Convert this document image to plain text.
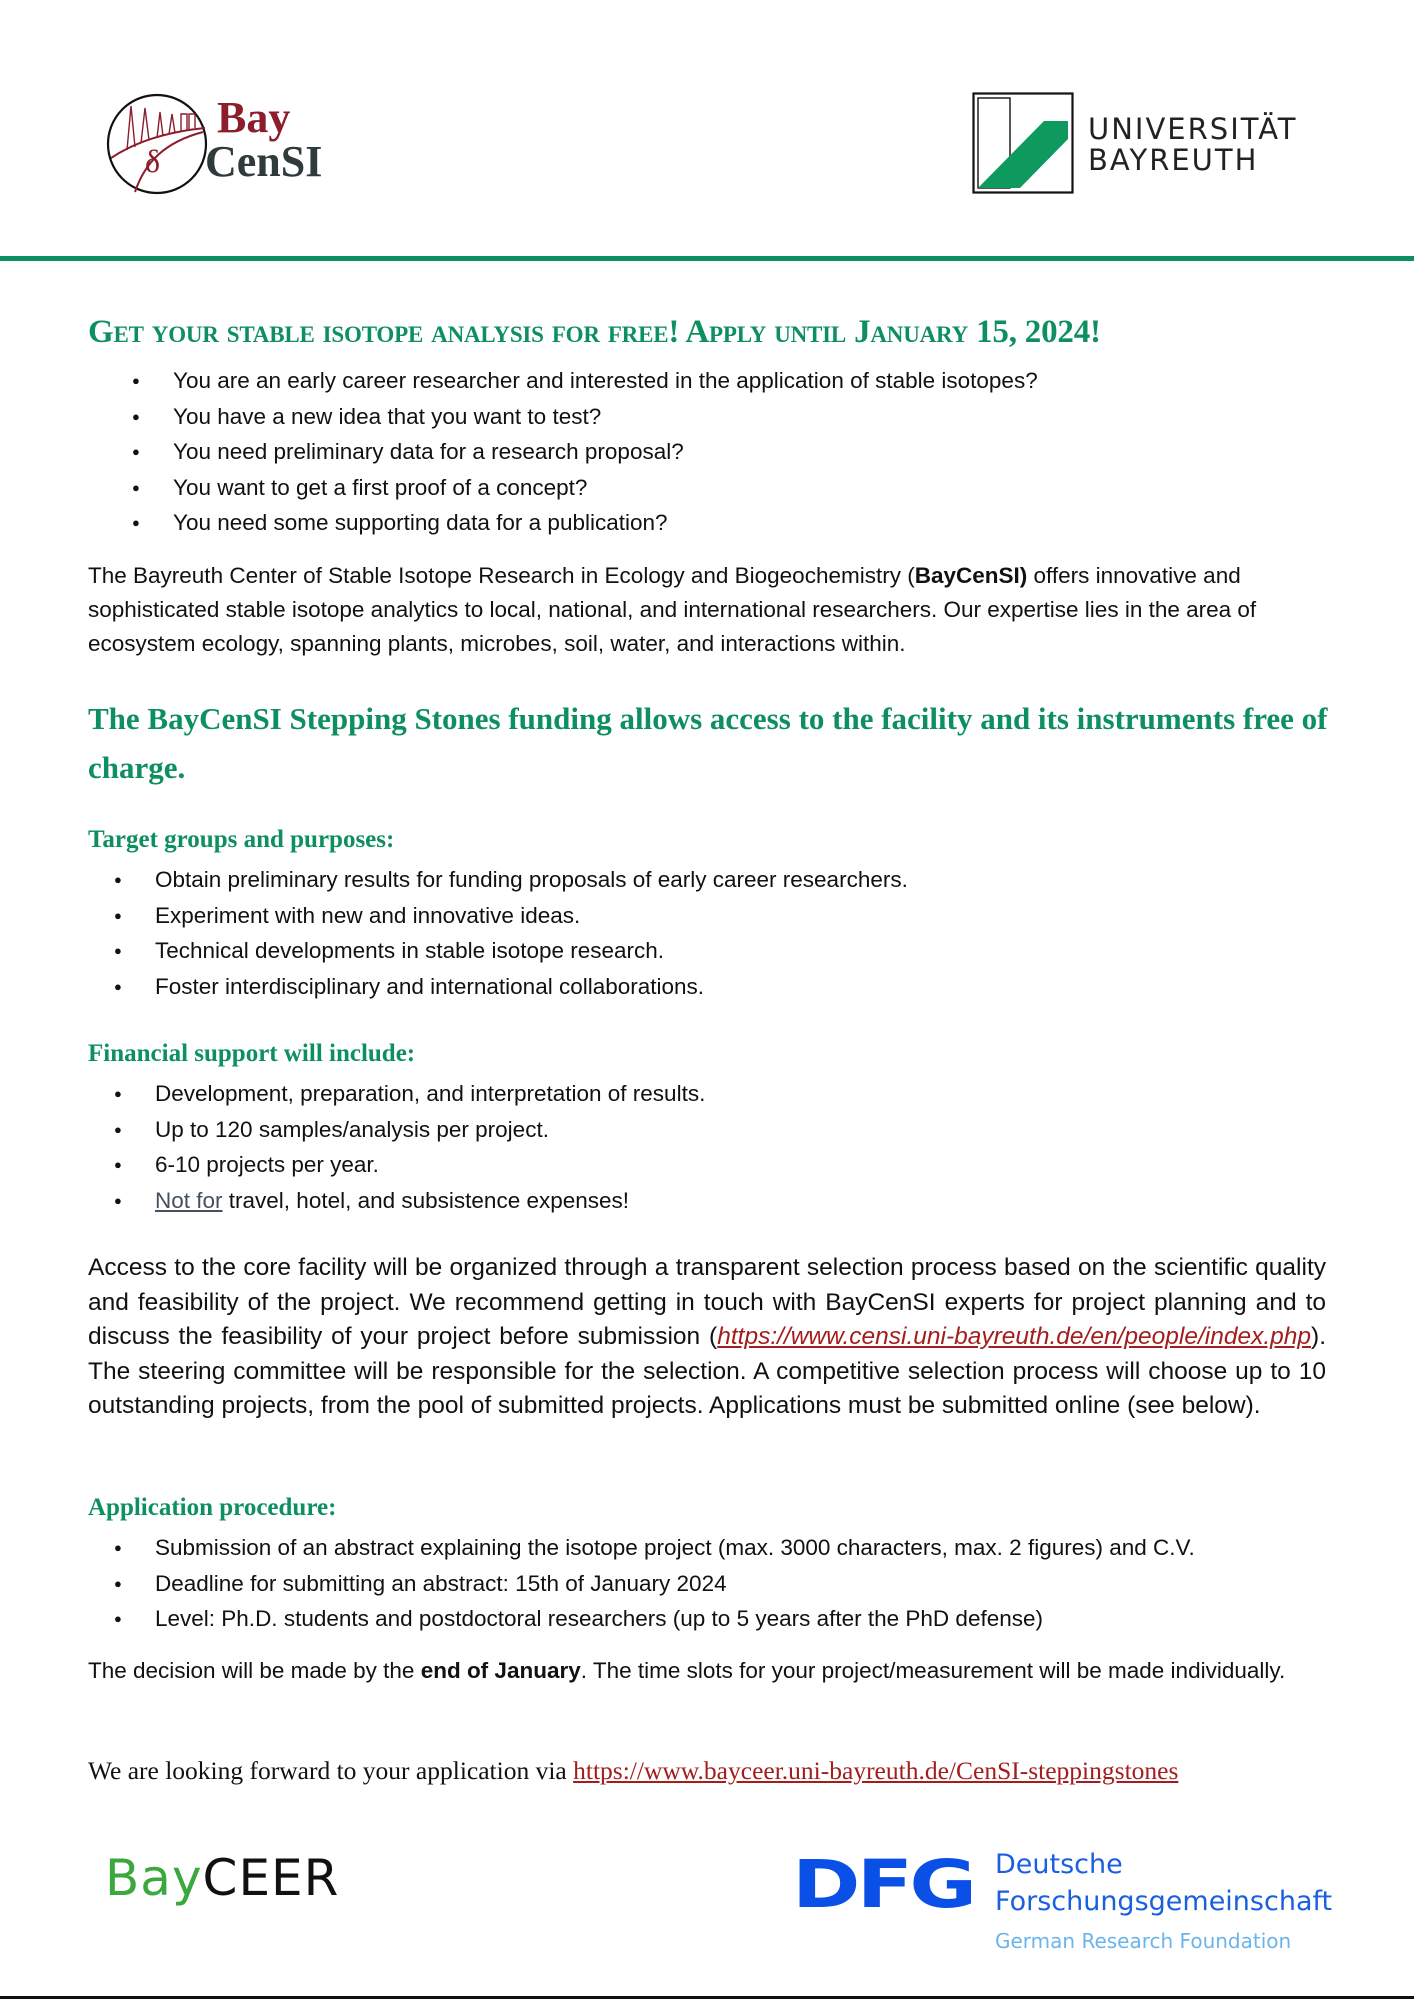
δ
Bay
CenSI
UNIVERSITÄT
BAYREUTH
Get your stable isotope analysis for free! Apply until January 15, 2024!
● You are an early career researcher and interested in the application of stable isotopes?
● You have a new idea that you want to test?
● You need preliminary data for a research proposal?
● You want to get a first proof of a concept?
● You need some supporting data for a publication?

The Bayreuth Center of Stable Isotope Research in Ecology and Biogeochemistry (BayCenSI) offers innovative and sophisticated stable isotope analytics to local, national, and international researchers. Our expertise lies in the area of ecosystem ecology, spanning plants, microbes, soil, water, and interactions within.

The BayCenSI Stepping Stones funding allows access to the facility and its instruments free of charge.
Target groups and purposes:
● Obtain preliminary results for funding proposals of early career researchers.
● Experiment with new and innovative ideas.
● Technical developments in stable isotope research.
● Foster interdisciplinary and international collaborations.
Financial support will include:
● Development, preparation, and interpretation of results.
● Up to 120 samples/analysis per project.
● 6-10 projects per year.
● Not for travel, hotel, and subsistence expenses!

Access to the core facility will be organized through a transparent selection process based on the scientific quality and feasibility of the project. We recommend getting in touch with BayCenSI experts for project planning and to discuss the feasibility of your project before submission (https://www.censi.uni-bayreuth.de/en/people/index.php). The steering committee will be responsible for the selection. A competitive selection process will choose up to 10 outstanding projects, from the pool of submitted projects. Applications must be submitted online (see below).

Application procedure:
● Submission of an abstract explaining the isotope project (max. 3000 characters, max. 2 figures) and C.V.
● Deadline for submitting an abstract: 15th of January 2024
● Level: Ph.D. students and postdoctoral researchers (up to 5 years after the PhD defense)

The decision will be made by the end of January. The time slots for your project/measurement will be made individually.

We are looking forward to your application via https://www.bayceer.uni-bayreuth.de/CenSI-steppingstones
BayCEER	DFG Deutsche
Forschungsgemeinschaft
German Research Foundation
